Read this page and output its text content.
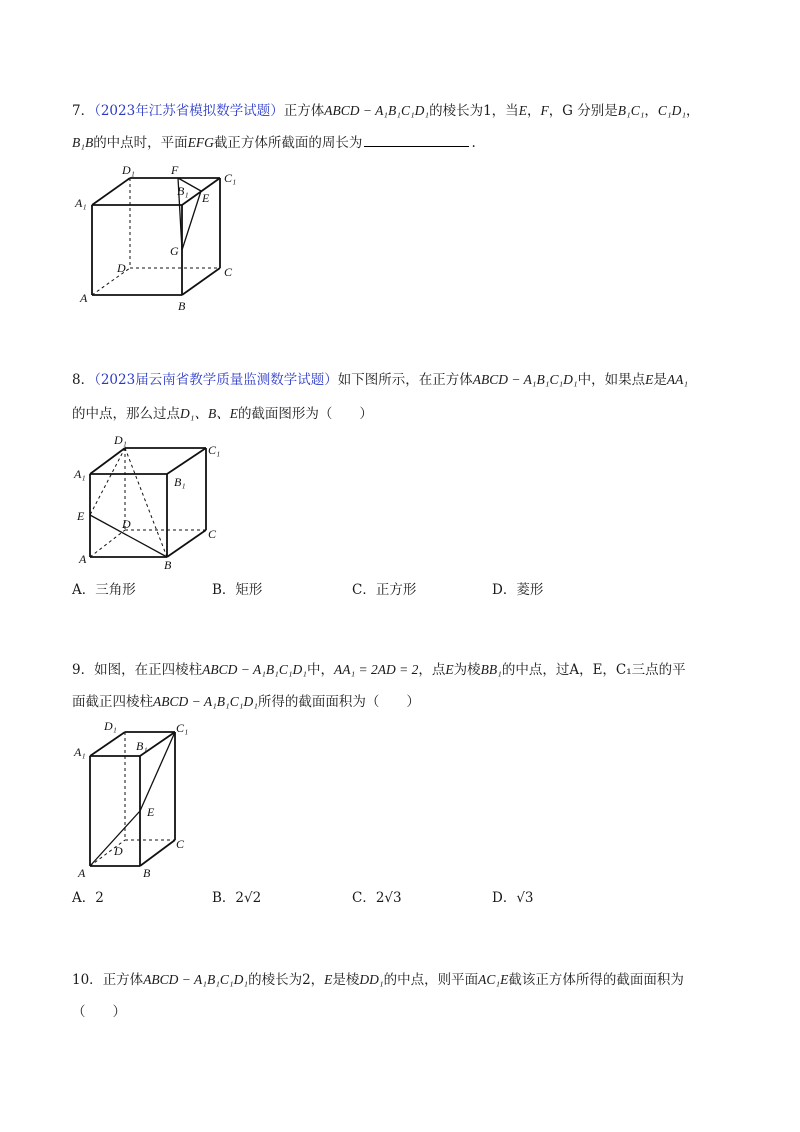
7．（2023年江苏省模拟数学试题）正方体ABCD − A₁B₁C₁D₁的棱长为1，当E，F，G 分别是B₁C₁，C₁D₁，
B₁B的中点时，平面EFG截正方体所截面的周长为	.
D₁	F
C₁
A₁
B₁ E
G
D	C
A
B
8．（2023届云南省教学质量监测数学试题）如下图所示，在正方体ABCD − A₁B₁C₁D₁中，如果点E是AA₁
的中点，那么过点D₁、B、E的截面图形为（　　）
D₁
C₁
A₁
B₁
E
D
C
A	B
A．三角形	B．矩形	C．正方形	D．菱形
9．如图，在正四棱柱ABCD − A₁B₁C₁D₁中，AA₁ = 2AD = 2，点E为棱BB₁的中点，过A，E，C₁三点的平
面截正四棱柱ABCD − A₁B₁C₁D₁所得的截面面积为（　　）
D₁	C₁
A₁	B₁
E
D	C
A	B
A．2	B．2√2	C．2√3	D．√3
10．正方体ABCD − A₁B₁C₁D₁的棱长为2，E是棱DD₁的中点，则平面AC₁E截该正方体所得的截面面积为
（　　）
